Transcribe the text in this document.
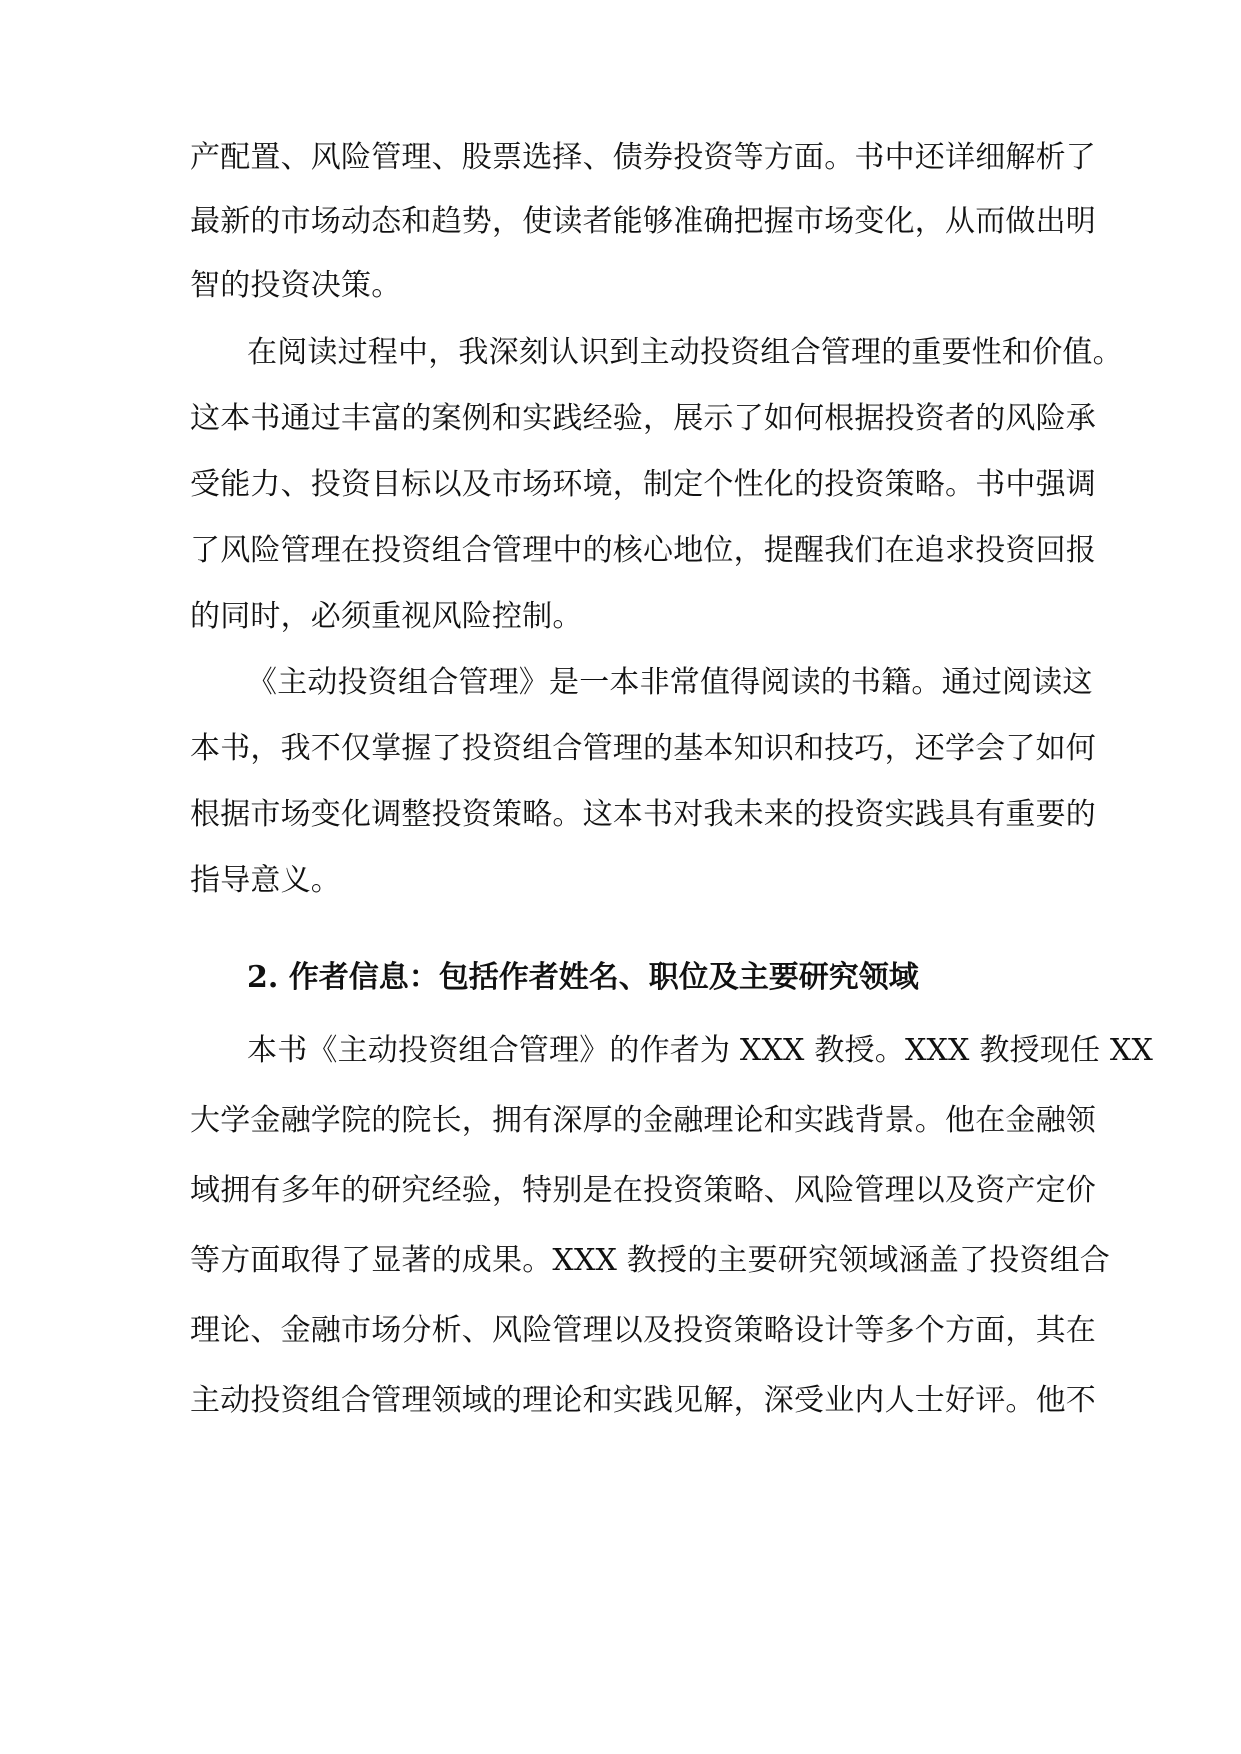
产配置、风险管理、股票选择、债券投资等方面。书中还详细解析了
最新的市场动态和趋势，使读者能够准确把握市场变化，从而做出明
智的投资决策。
在阅读过程中，我深刻认识到主动投资组合管理的重要性和价值。
这本书通过丰富的案例和实践经验，展示了如何根据投资者的风险承
受能力、投资目标以及市场环境，制定个性化的投资策略。书中强调
了风险管理在投资组合管理中的核心地位，提醒我们在追求投资回报
的同时，必须重视风险控制。
《主动投资组合管理》是一本非常值得阅读的书籍。通过阅读这
本书，我不仅掌握了投资组合管理的基本知识和技巧，还学会了如何
根据市场变化调整投资策略。这本书对我未来的投资实践具有重要的
指导意义。
2. 作者信息：包括作者姓名、职位及主要研究领域
本书《主动投资组合管理》的作者为 XXX 教授。XXX 教授现任 XX
大学金融学院的院长，拥有深厚的金融理论和实践背景。他在金融领
域拥有多年的研究经验，特别是在投资策略、风险管理以及资产定价
等方面取得了显著的成果。XXX 教授的主要研究领域涵盖了投资组合
理论、金融市场分析、风险管理以及投资策略设计等多个方面，其在
主动投资组合管理领域的理论和实践见解，深受业内人士好评。他不
